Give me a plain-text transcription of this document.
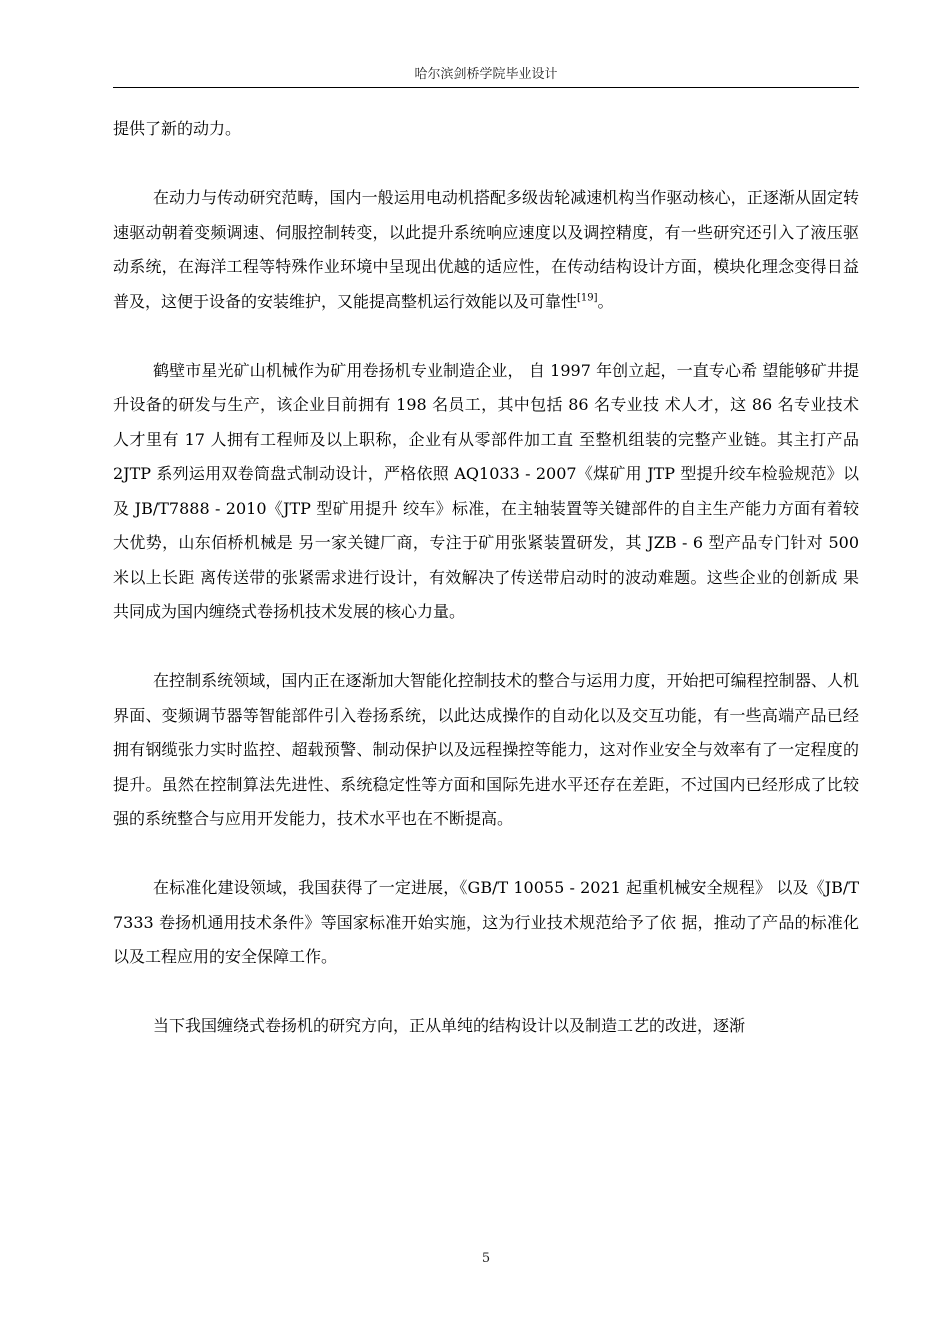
哈尔滨剑桥学院毕业设计

提供了新的动力。

在动力与传动研究范畴，国内一般运用电动机搭配多级齿轮减速机构当作驱动核心，正逐渐从固定转速驱动朝着变频调速、伺服控制转变，以此提升系统响应速度以及调控精度，有一些研究还引入了液压驱动系统，在海洋工程等特殊作业环境中呈现出优越的适应性，在传动结构设计方面，模块化理念变得日益普及，这便于设备的安装维护，又能提高整机运行效能以及可靠性[19]。

鹤壁市星光矿山机械作为矿用卷扬机专业制造企业， 自 1997 年创立起，一直专心希 望能够矿井提升设备的研发与生产，该企业目前拥有 198 名员工，其中包括 86 名专业技 术人才，这 86 名专业技术人才里有 17 人拥有工程师及以上职称，企业有从零部件加工直 至整机组装的完整产业链。其主打产品 2JTP 系列运用双卷筒盘式制动设计，严格依照 AQ1033 - 2007《煤矿用 JTP 型提升绞车检验规范》以及 JB/T7888 - 2010《JTP 型矿用提升 绞车》标准，在主轴装置等关键部件的自主生产能力方面有着较大优势，山东佰桥机械是 另一家关键厂商，专注于矿用张紧装置研发，其 JZB - 6 型产品专门针对 500 米以上长距 离传送带的张紧需求进行设计，有效解决了传送带启动时的波动难题。这些企业的创新成 果共同成为国内缠绕式卷扬机技术发展的核心力量。

在控制系统领域，国内正在逐渐加大智能化控制技术的整合与运用力度，开始把可编程控制器、人机界面、变频调节器等智能部件引入卷扬系统，以此达成操作的自动化以及交互功能，有一些高端产品已经拥有钢缆张力实时监控、超载预警、制动保护以及远程操控等能力，这对作业安全与效率有了一定程度的提升。虽然在控制算法先进性、系统稳定性等方面和国际先进水平还存在差距，不过国内已经形成了比较强的系统整合与应用开发能力，技术水平也在不断提高。

在标准化建设领域，我国获得了一定进展，《GB/T 10055 - 2021 起重机械安全规程》 以及《JB/T 7333 卷扬机通用技术条件》等国家标准开始实施，这为行业技术规范给予了依 据，推动了产品的标准化以及工程应用的安全保障工作。

当下我国缠绕式卷扬机的研究方向，正从单纯的结构设计以及制造工艺的改进，逐渐

5
